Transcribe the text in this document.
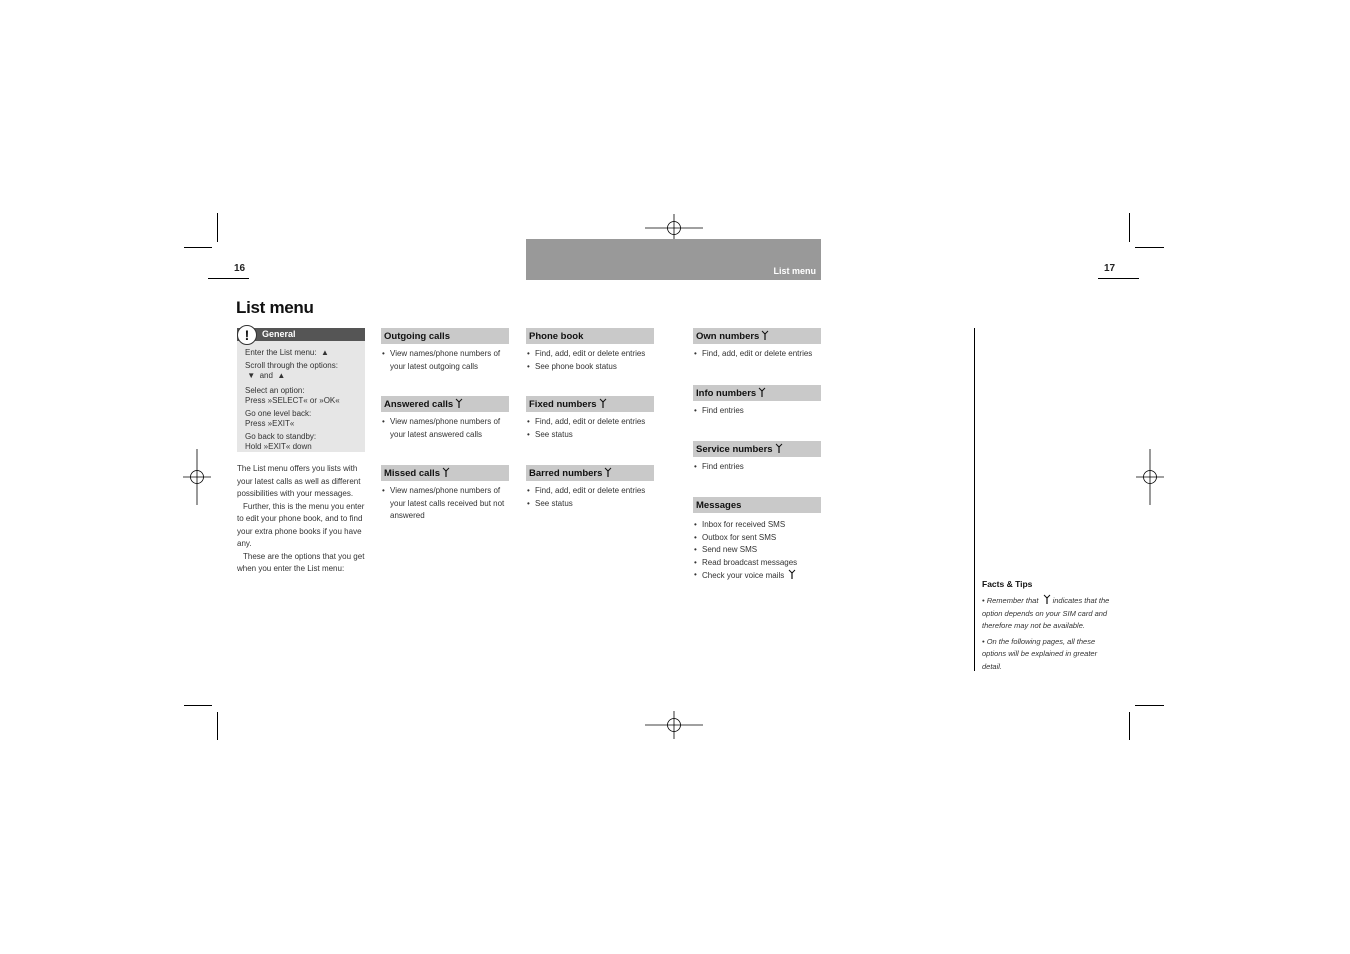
16	17
List menu
List menu
General
!

Enter the List menu: ▲

Scroll through the options:
▼ and ▲

Select an option:
Press »SELECT« or »OK«

Go one level back:
Press »EXIT«

Go back to standby:
Hold »EXIT« down

The List menu offers you lists with your latest calls as well as different possibilities with your messages.

Further, this is the menu you enter to edit your phone book, and to find your extra phone books if you have any.

These are the options that you get when you enter the List menu:

Outgoing calls
• View names/phone numbers of your latest outgoing calls
Answered calls
• View names/phone numbers of your latest answered calls
Missed calls
• View names/phone numbers of your latest calls received but not answered
Phone book
• Find, add, edit or delete entries
• See phone book status
Fixed numbers
• Find, add, edit or delete entries
• See status
Barred numbers
• Find, add, edit or delete entries
• See status
Own numbers
• Find, add, edit or delete entries
Info numbers
• Find entries
Service numbers
• Find entries
Messages
• Inbox for received SMS
• Outbox for sent SMS
• Send new SMS
• Read broadcast messages
• Check your voice mails
Facts & Tips

• Remember that indicates that the option depends on your SIM card and therefore may not be available.

• On the following pages, all these options will be explained in greater detail.
